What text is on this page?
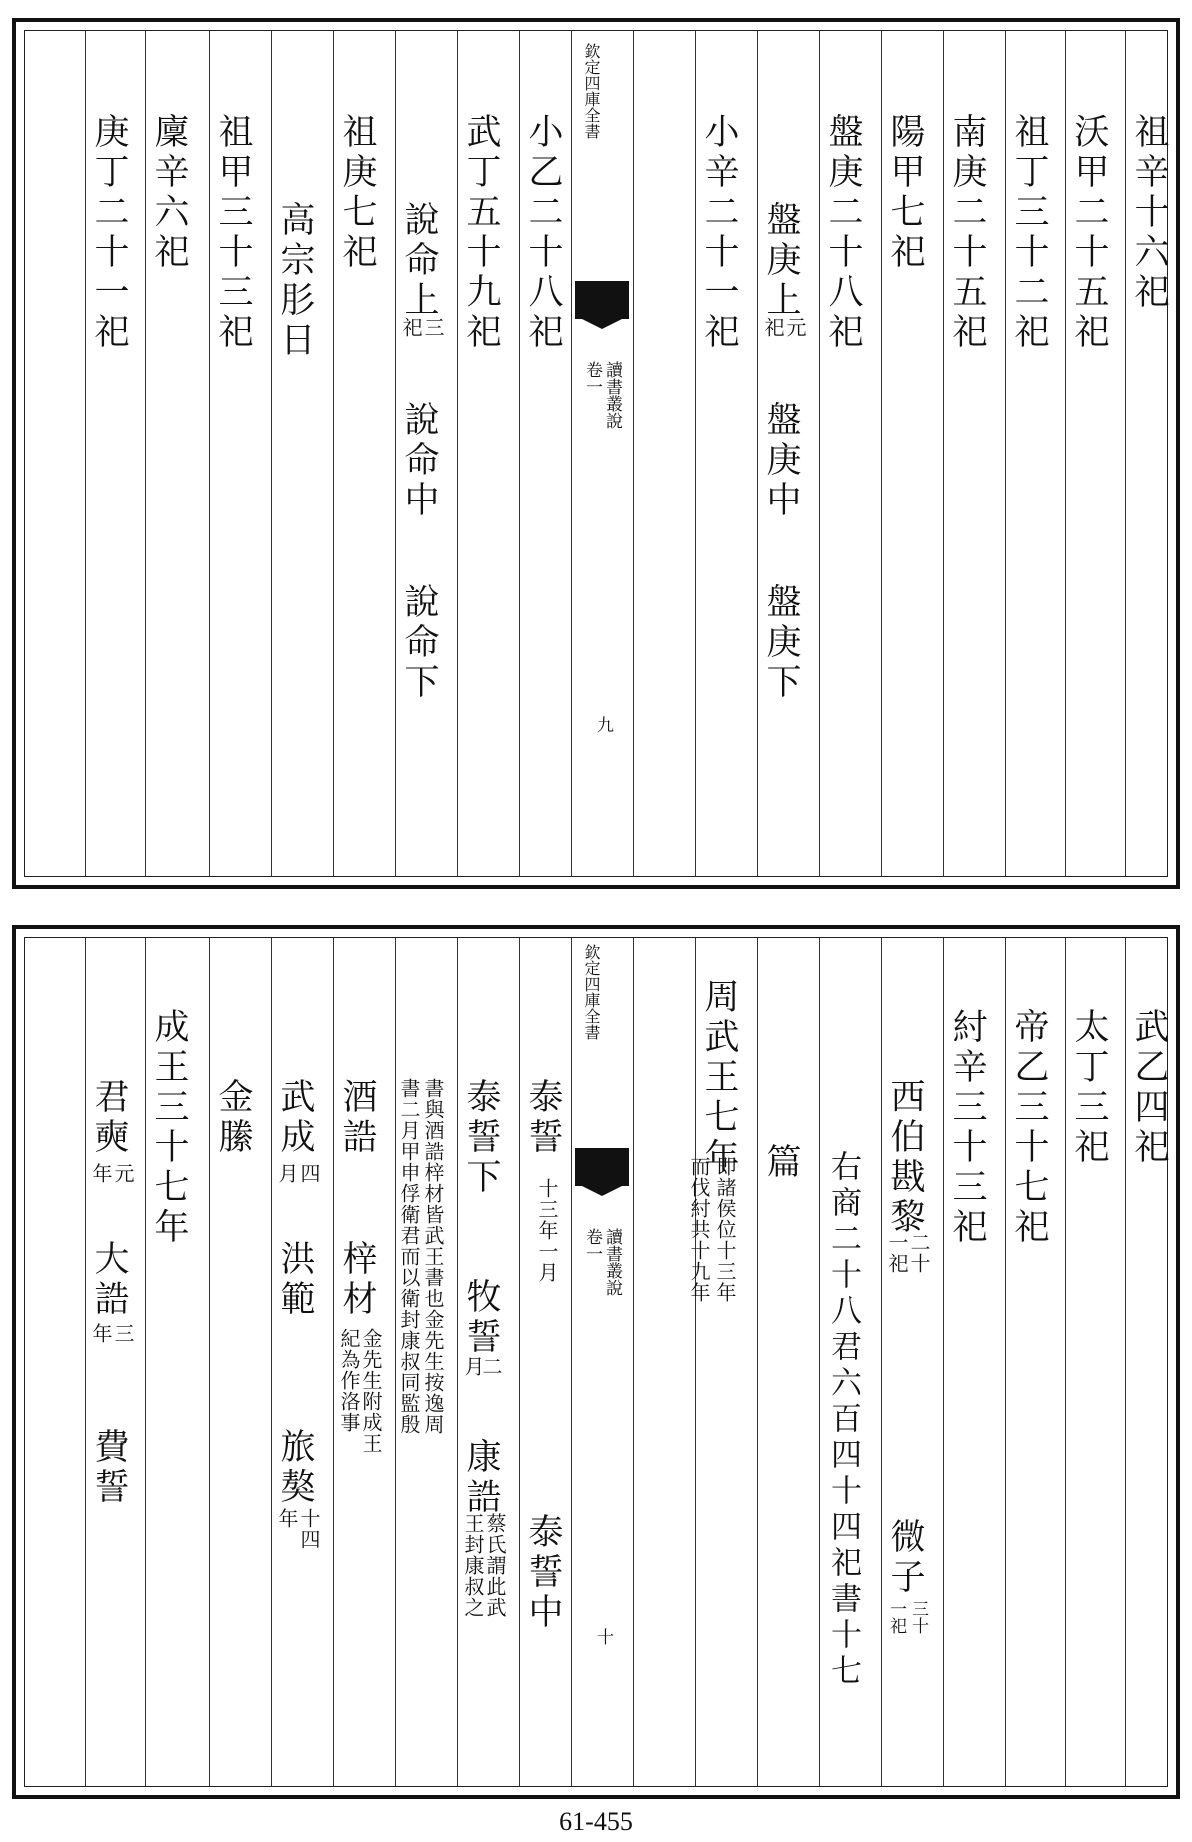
祖辛十六祀
沃甲二十五祀
祖丁三十二祀
南庚二十五祀
陽甲七祀
盤庚二十八祀
盤庚上
元
祀
盤庚中
盤庚下
小辛二十一祀
欽定四庫全書
讀書叢說
卷一
九
小乙二十八祀
武丁五十九祀
說命上
三
祀
說命中
說命下
祖庚七祀
高宗肜日
祖甲三十三祀
廩辛六祀
庚丁二十一祀
武乙四祀
太丁三祀
帝乙三十七祀
紂辛三十三祀
西伯戡黎
二十
一祀
微子
三十
一祀
右商二十八君六百四十四祀書十七
篇
周武王七年
即諸侯位十三年
而伐紂共十九年
欽定四庫全書
讀書叢說
卷一
十
泰誓
十三年一月
泰誓中
泰誓下
牧誓
二
月
康誥
蔡氏謂此武
王封康叔之
書與酒誥梓材皆武王書也金先生按逸周
書二月甲申俘衛君而以衛封康叔同監殷
酒誥
梓材
金先生附成王
紀為作洛事
武成
四
月
洪範
旅獒
十四
年
金縢
成王三十七年
君奭
元
年
大誥
三
年
費誓
61-455
